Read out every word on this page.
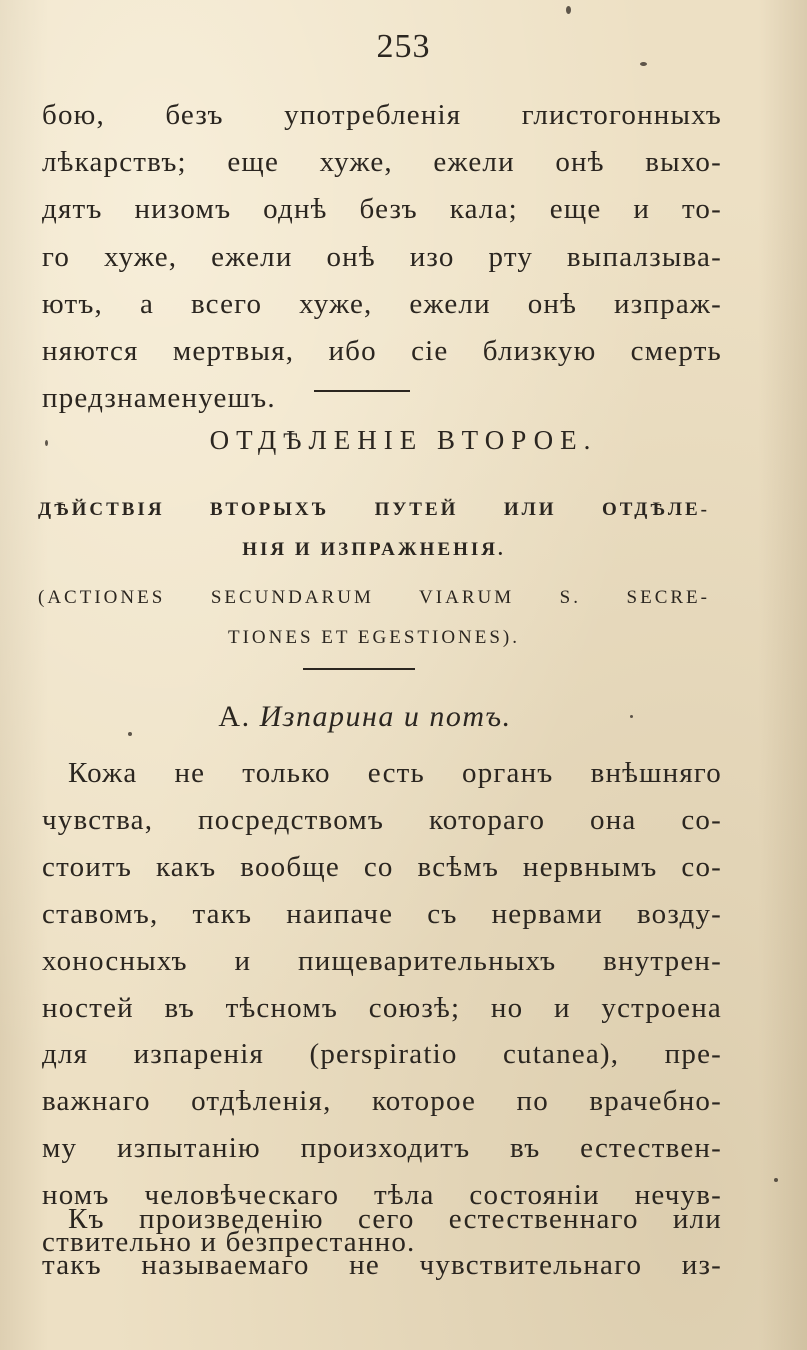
253
бою, безъ употребленія глистогонныхъ
лѣкарствъ; еще хуже, ежели онѣ выхо-
дятъ низомъ однѣ безъ кала; еще и то-
го хуже, ежели онѣ изо рту выпалзыва-
ютъ, а всего хуже, ежели онѣ изпраж-
няются мертвыя, ибо сіе близкую смерть
предзнаменуешъ.
ОТДѢЛЕНІЕ ВТОРОЕ.
ДѢЙСТВІЯ ВТОРЫХЪ ПУТЕЙ ИЛИ ОТДѢЛЕ-
НІЯ И ИЗПРАЖНЕНІЯ.
(ACTIONES SECUNDARUM VIARUM S. SECRE-
TIONES ET EGESTIONES).
А. Изпарина и потъ.
Кожа не только есть органъ внѣшняго
чувства, посредствомъ котораго она со-
стоитъ какъ вообще со всѣмъ нервнымъ со-
ставомъ, такъ наипаче съ нервами возду-
хоносныхъ и пищеварительныхъ внутрен-
ностей въ тѣсномъ союзѣ; но и устроена
для изпаренія (perspiratio cutanea), пре-
важнаго отдѣленія, которое по врачебно-
му изпытанію произходитъ въ естествен-
номъ человѣческаго тѣла состояніи нечув-
ствительно и безпрестанно.
Къ произведенію сего естественнаго или
такъ называемаго не чувствительнаго из-
